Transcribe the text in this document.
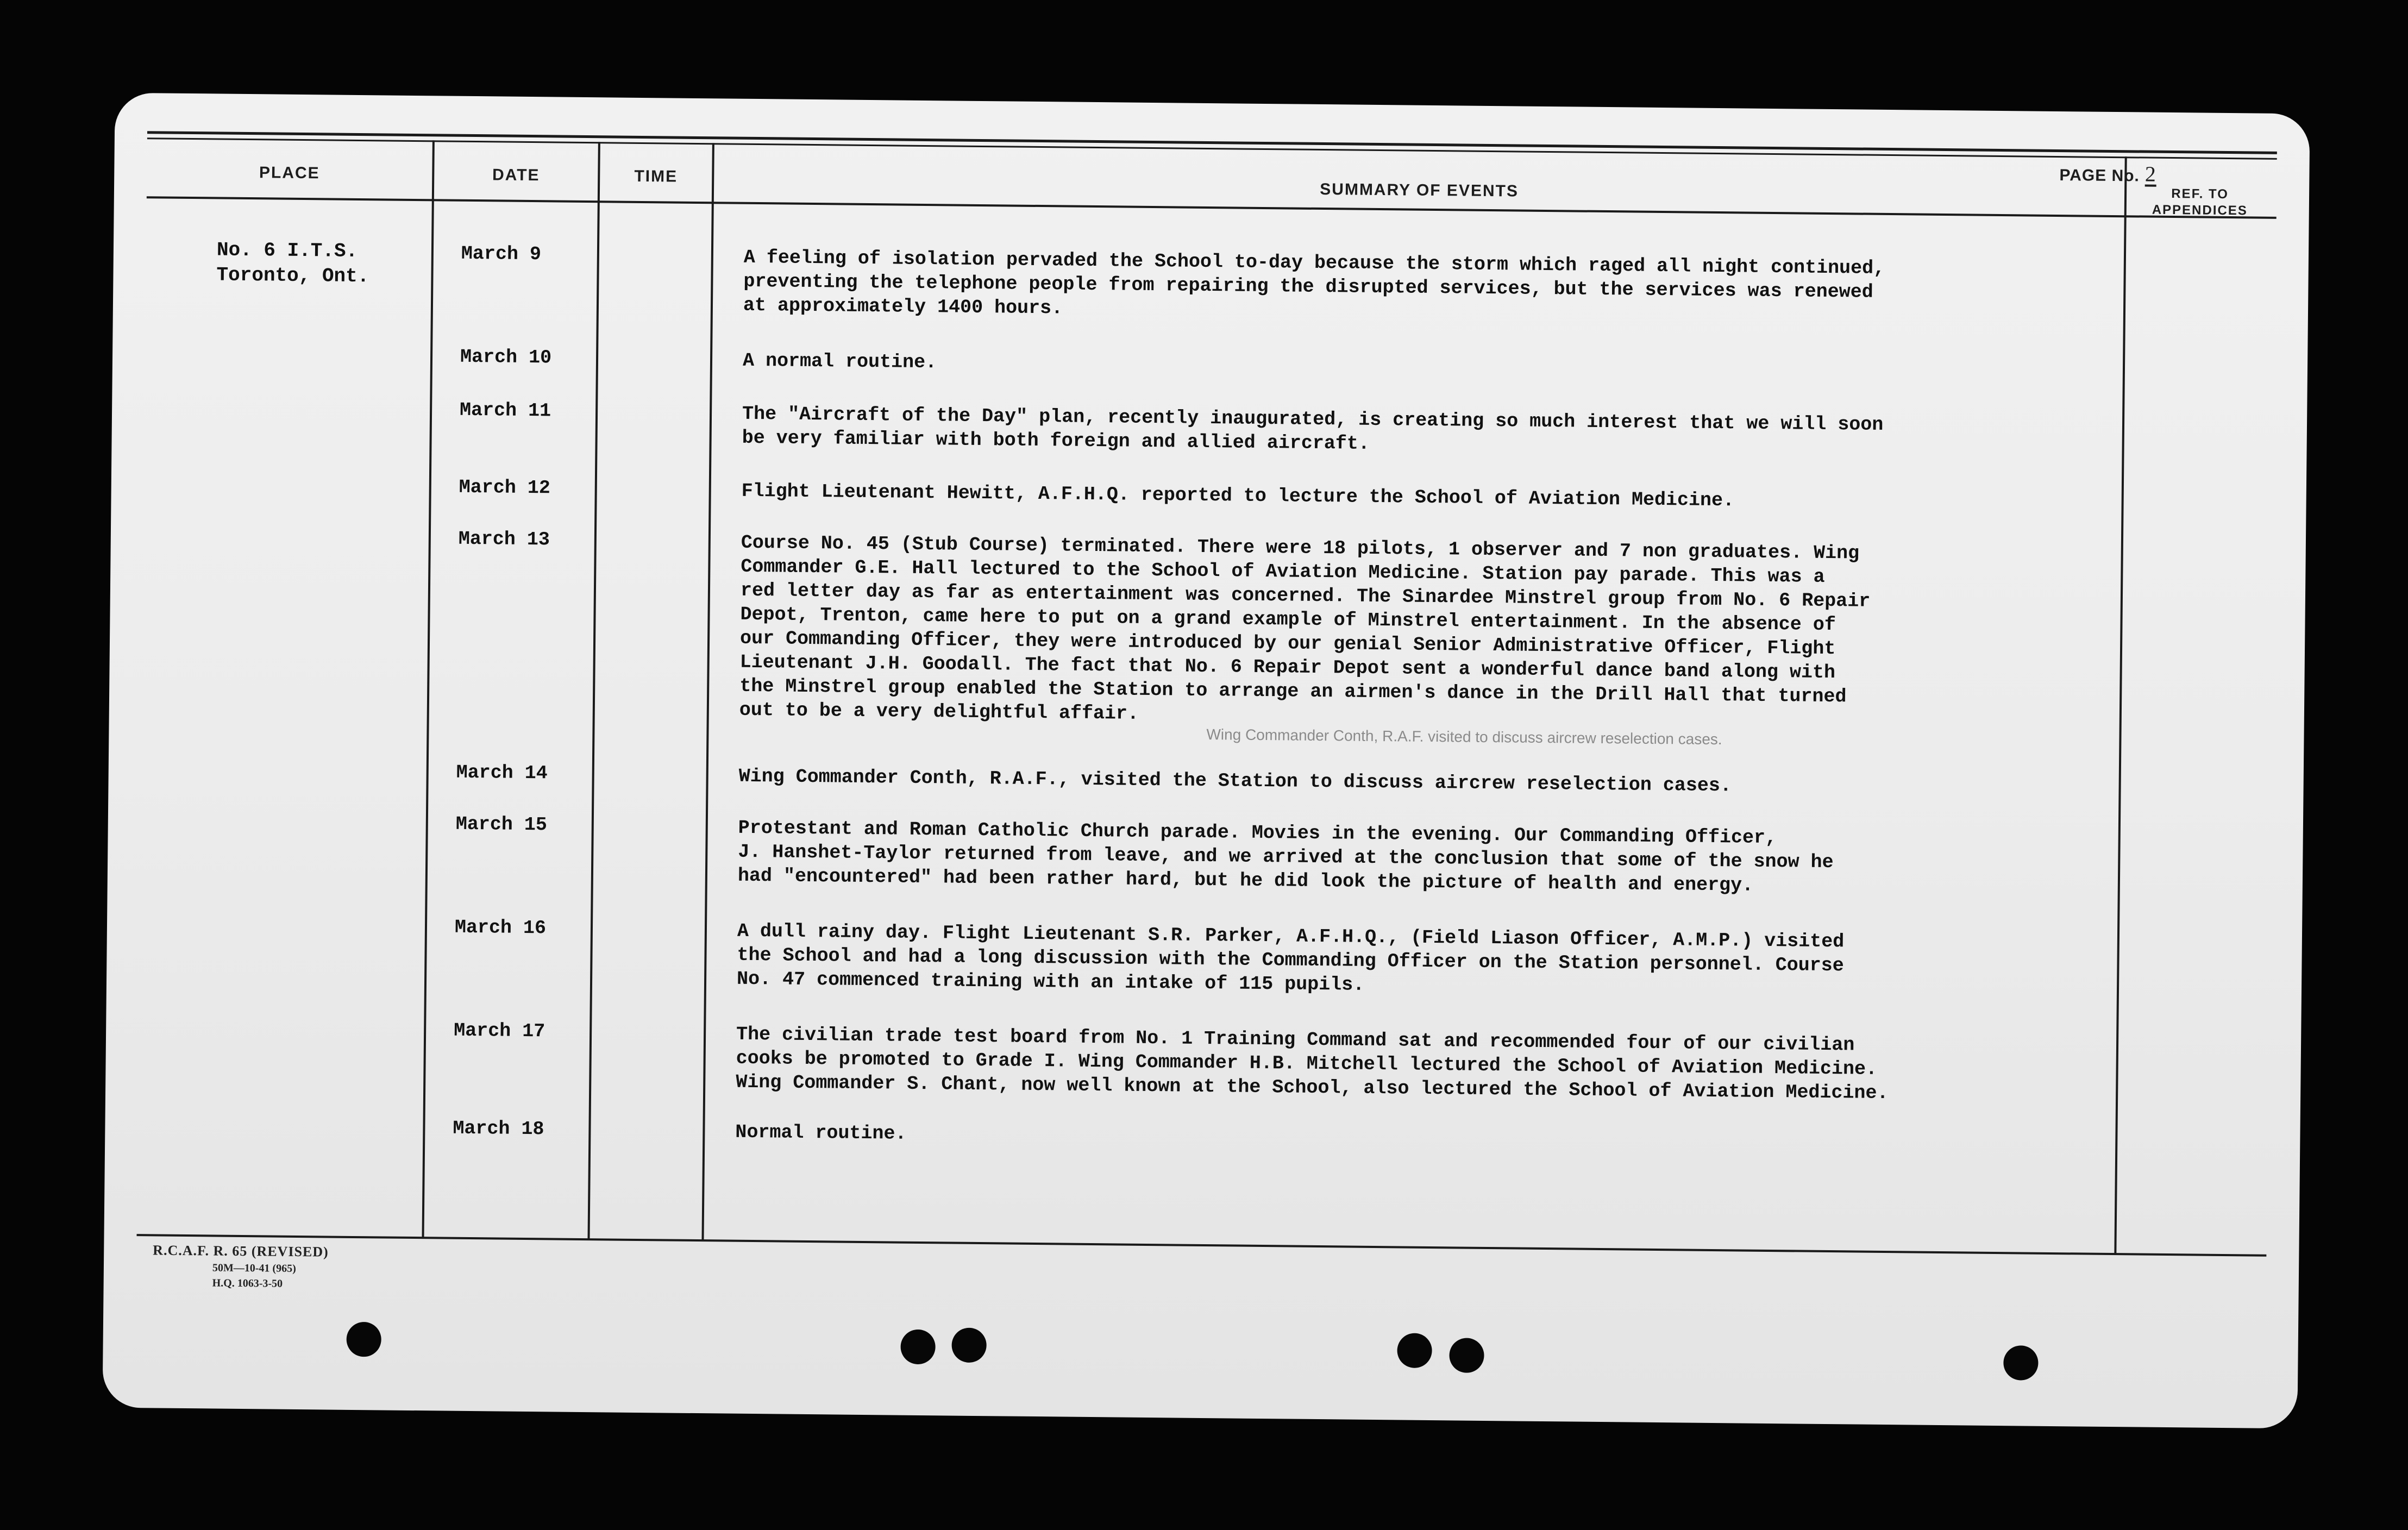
PAGE No. 2
PLACE	DATE	TIME
SUMMARY OF EVENTS	REF. TO
APPENDICES
No. 6 I.T.S.
Toronto, Ont.
March 9	A feeling of isolation pervaded the School to-day because the storm which raged all night continued,
preventing the telephone people from repairing the disrupted services, but the services was renewed
at approximately 1400 hours.
March 10	A normal routine.
March 11	The "Aircraft of the Day" plan, recently inaugurated, is creating so much interest that we will soon
be very familiar with both foreign and allied aircraft.
March 12	Flight Lieutenant Hewitt, A.F.H.Q. reported to lecture the School of Aviation Medicine.
March 13	Course No. 45 (Stub Course) terminated. There were 18 pilots, 1 observer and 7 non graduates. Wing
Commander G.E. Hall lectured to the School of Aviation Medicine. Station pay parade. This was a
red letter day as far as entertainment was concerned. The Sinardee Minstrel group from No. 6 Repair
Depot, Trenton, came here to put on a grand example of Minstrel entertainment. In the absence of
our Commanding Officer, they were introduced by our genial Senior Administrative Officer, Flight
Lieutenant J.H. Goodall. The fact that No. 6 Repair Depot sent a wonderful dance band along with
the Minstrel group enabled the Station to arrange an airmen's dance in the Drill Hall that turned
out to be a very delightful affair.
Wing Commander Conth, R.A.F. visited to discuss aircrew reselection cases.
March 14	Wing Commander Conth, R.A.F., visited the Station to discuss aircrew reselection cases.
March 15	Protestant and Roman Catholic Church parade. Movies in the evening. Our Commanding Officer,
J. Hanshet-Taylor returned from leave, and we arrived at the conclusion that some of the snow he
had "encountered" had been rather hard, but he did look the picture of health and energy.
March 16	A dull rainy day. Flight Lieutenant S.R. Parker, A.F.H.Q., (Field Liason Officer, A.M.P.) visited
the School and had a long discussion with the Commanding Officer on the Station personnel. Course
No. 47 commenced training with an intake of 115 pupils.
March 17	The civilian trade test board from No. 1 Training Command sat and recommended four of our civilian
cooks be promoted to Grade I. Wing Commander H.B. Mitchell lectured the School of Aviation Medicine.
Wing Commander S. Chant, now well known at the School, also lectured the School of Aviation Medicine.
March 18	Normal routine.
R.C.A.F. R. 65 (REVISED)
50M—10-41 (965)
H.Q. 1063-3-50
